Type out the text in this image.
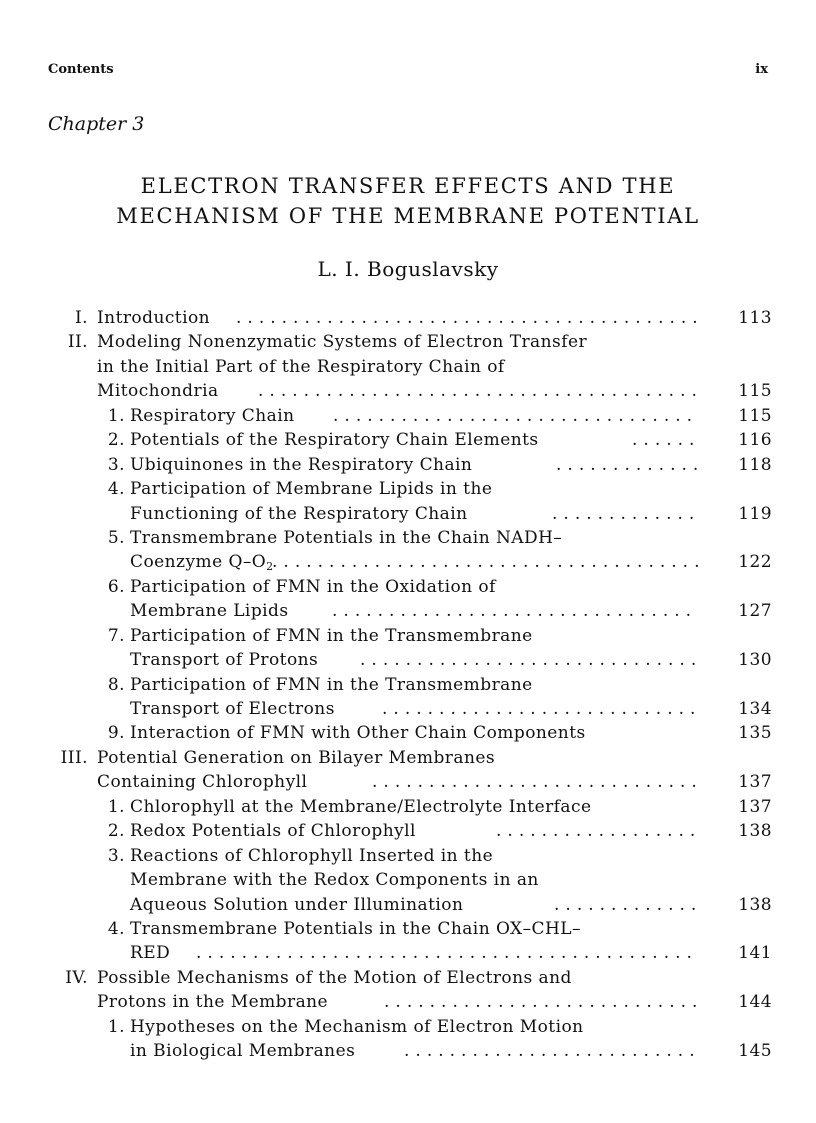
Contents	ix
Chapter 3
ELECTRON TRANSFER EFFECTS AND THE
MECHANISM OF THE MEMBRANE POTENTIAL
L. I. Boguslavsky
I. Introduction . . .	113
II. Modeling Nonenzymatic Systems of Electron Transfer
in the Initial Part of the Respiratory Chain of
Mitochondria . . .	115
1. Respiratory Chain . . .	115
2. Potentials of the Respiratory Chain Elements . . .	116
3. Ubiquinones in the Respiratory Chain . . .	118
4. Participation of Membrane Lipids in the
Functioning of the Respiratory Chain . . .	119
5. Transmembrane Potentials in the Chain NADH–
Coenzyme $Q-O_2$ . . .	122
6. Participation of FMN in the Oxidation of
Membrane Lipids . . .	127
7. Participation of FMN in the Transmembrane
Transport of Protons . . .	130
8. Participation of FMN in the Transmembrane
Transport of Electrons . . .	134
9. Interaction of FMN with Other Chain Components	135
III. Potential Generation on Bilayer Membranes
Containing Chlorophyll . . .	137
1. Chlorophyll at the Membrane/Electrolyte Interface	137
2. Redox Potentials of Chlorophyll . . .	138
3. Reactions of Chlorophyll Inserted in the
Membrane with the Redox Components in an
Aqueous Solution under Illumination . . .	138
4. Transmembrane Potentials in the Chain OX–CHL–
RED . . .	141
IV. Possible Mechanisms of the Motion of Electrons and
Protons in the Membrane . . .	144
1. Hypotheses on the Mechanism of Electron Motion
in Biological Membranes . . .	145
